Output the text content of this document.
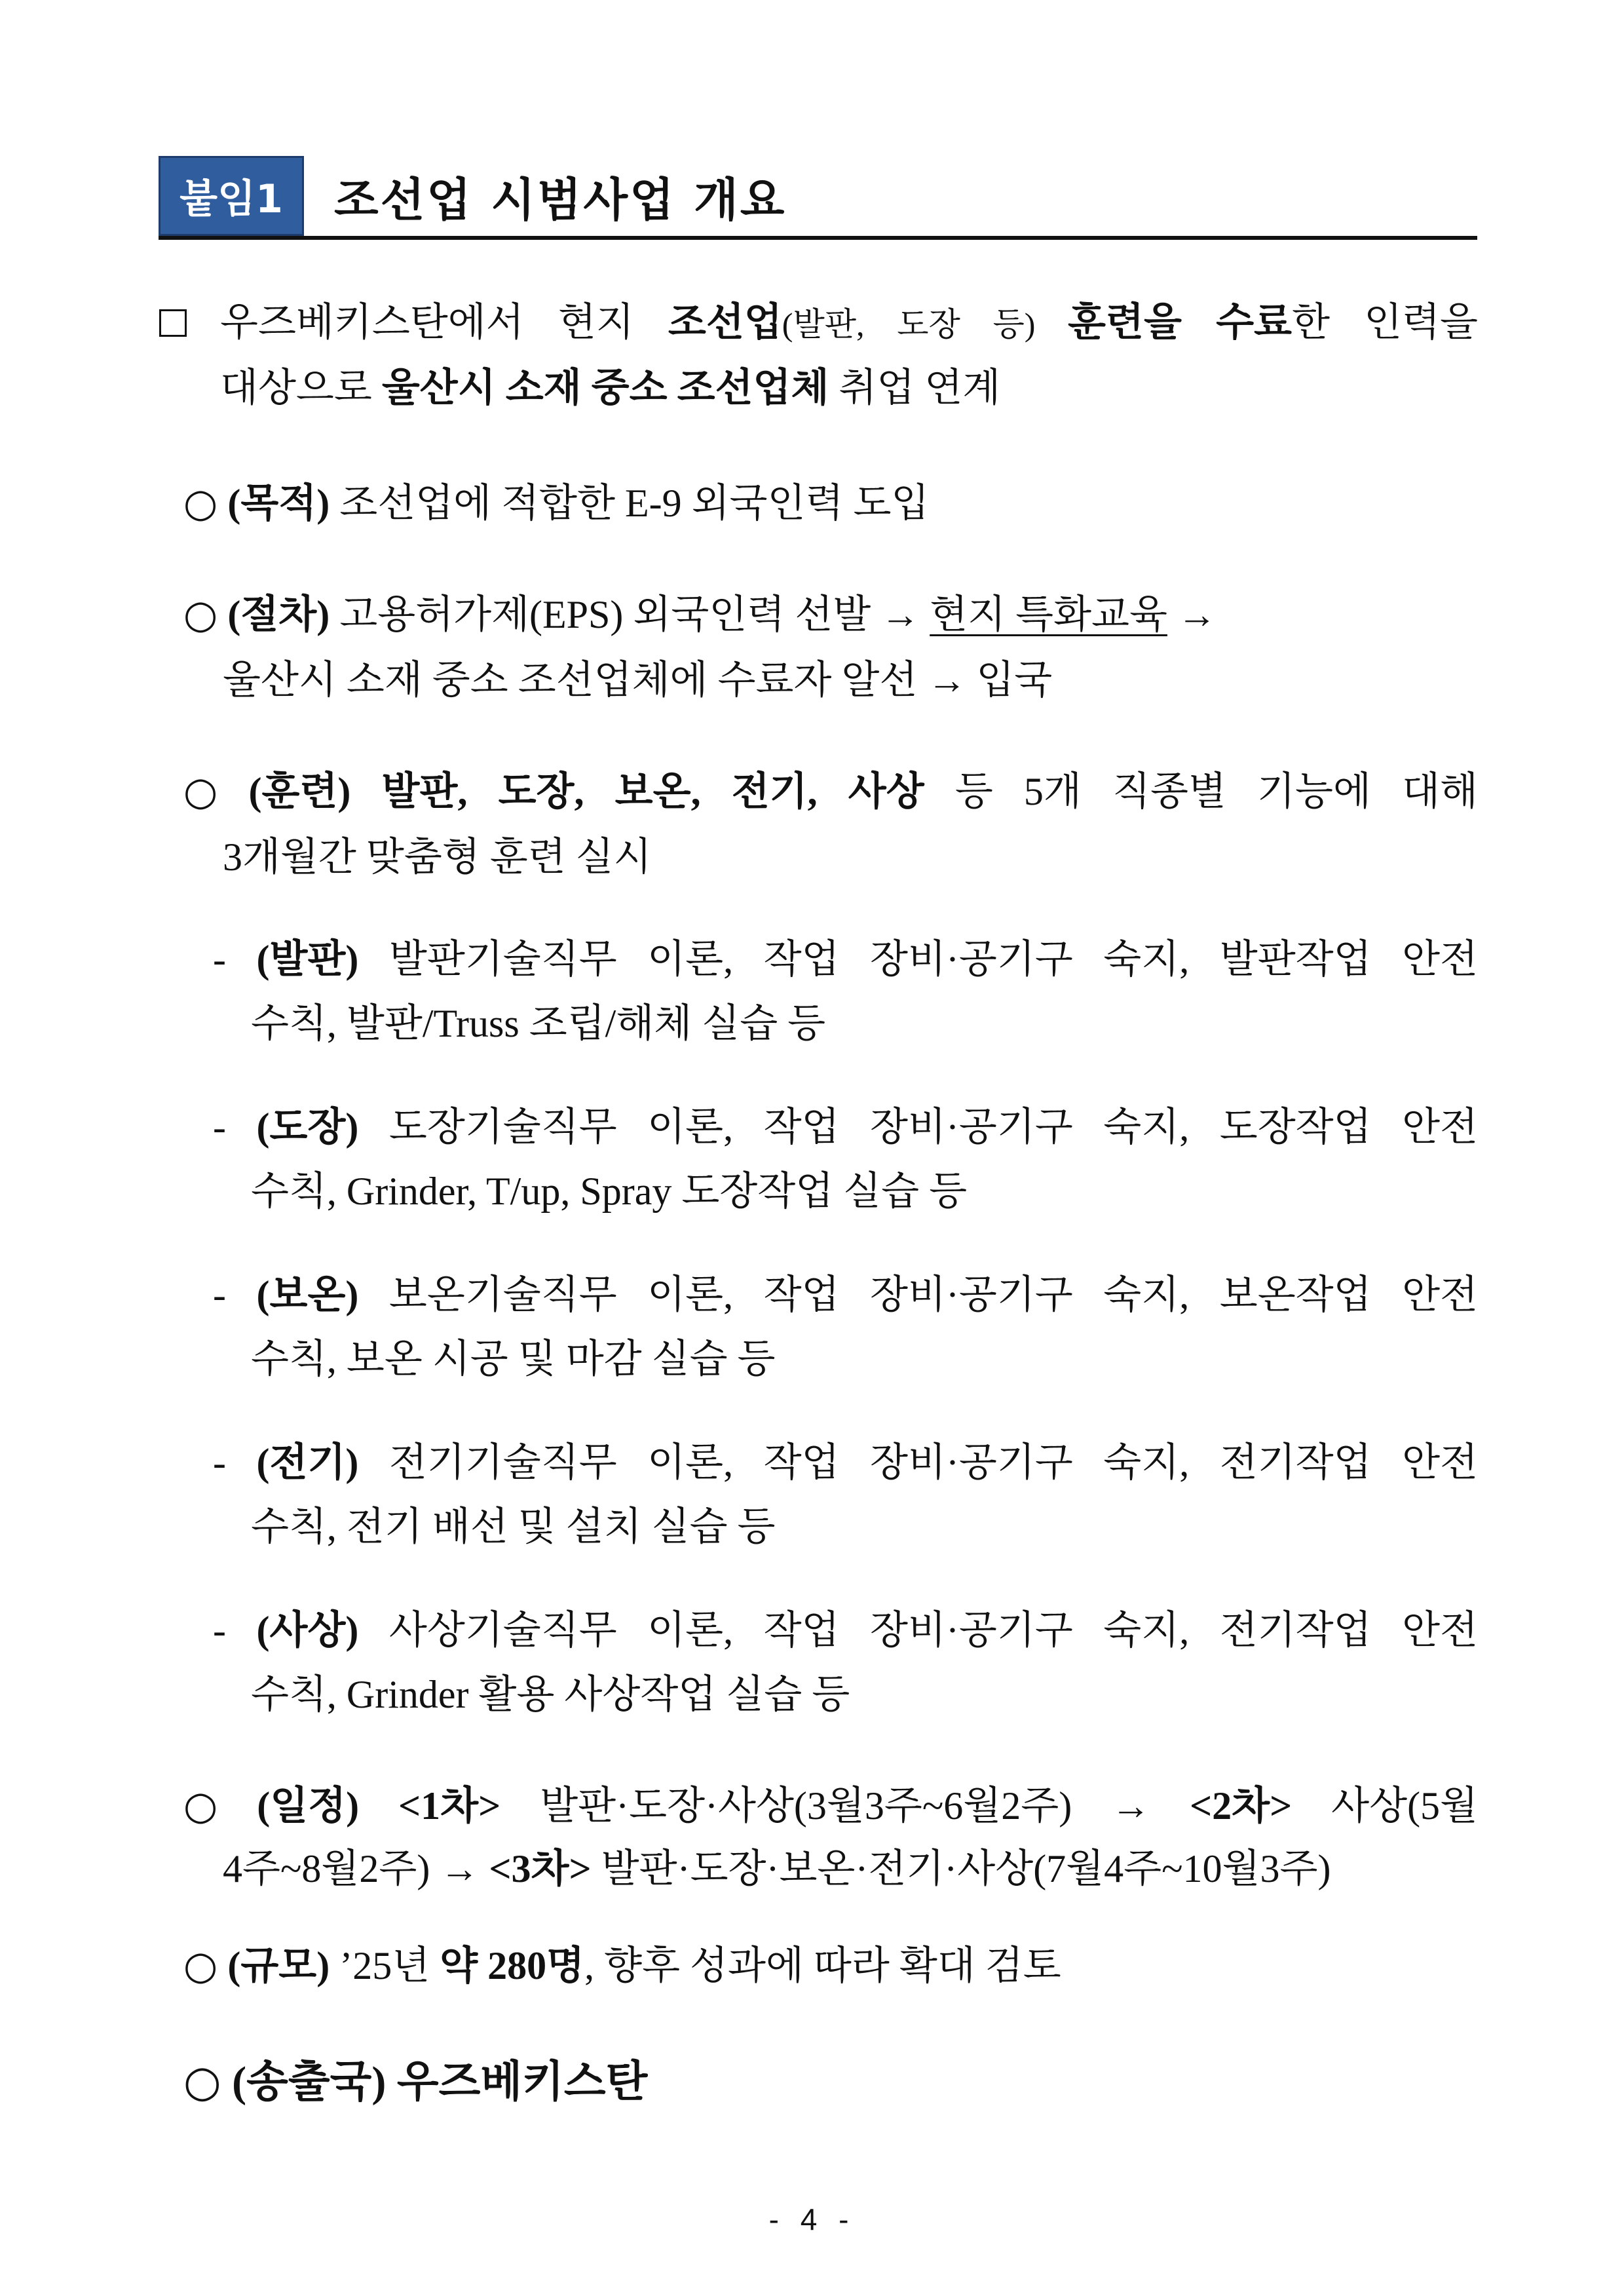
붙임1	조선업 시범사업 개요
우즈베키스탄에서 현지 조선업(발판, 도장 등) 훈련을 수료한 인력을
대상으로 울산시 소재 중소 조선업체 취업 연계
○ (목적) 조선업에 적합한 E-9 외국인력 도입
○ (절차) 고용허가제(EPS) 외국인력 선발 → 현지 특화교육 →
울산시 소재 중소 조선업체에 수료자 알선 → 입국
○ (훈련) 발판, 도장, 보온, 전기, 사상 등 5개 직종별 기능에 대해
3개월간 맞춤형 훈련 실시
- (발판) 발판기술직무 이론, 작업 장비·공기구 숙지, 발판작업 안전
수칙, 발판/Truss 조립/해체 실습 등
- (도장) 도장기술직무 이론, 작업 장비·공기구 숙지, 도장작업 안전
수칙, Grinder, T/up, Spray 도장작업 실습 등
- (보온) 보온기술직무 이론, 작업 장비·공기구 숙지, 보온작업 안전
수칙, 보온 시공 및 마감 실습 등
- (전기) 전기기술직무 이론, 작업 장비·공기구 숙지, 전기작업 안전
수칙, 전기 배선 및 설치 실습 등
- (사상) 사상기술직무 이론, 작업 장비·공기구 숙지, 전기작업 안전
수칙, Grinder 활용 사상작업 실습 등
○ (일정) <1차> 발판·도장·사상(3월3주~6월2주) → <2차> 사상(5월
4주~8월2주) → <3차> 발판·도장·보온·전기·사상(7월4주~10월3주)
○ (규모) ’25년 약 280명, 향후 성과에 따라 확대 검토
○ (송출국) 우즈베키스탄
- 4 -
